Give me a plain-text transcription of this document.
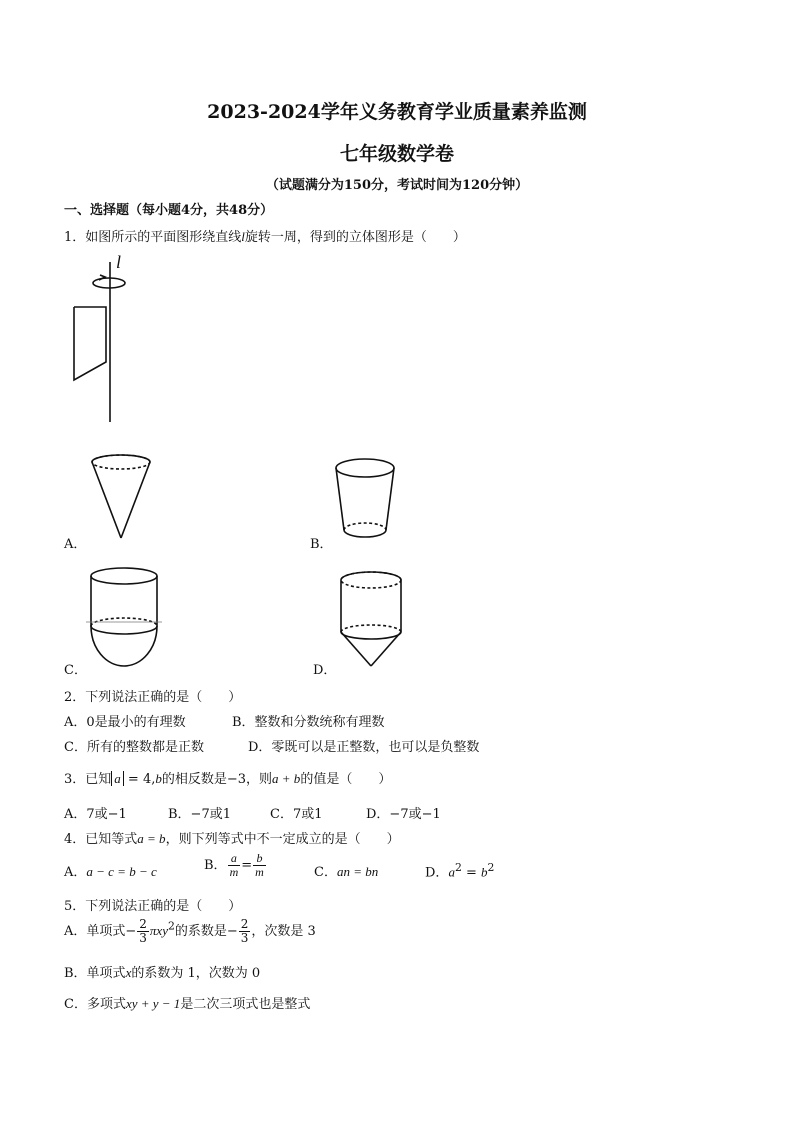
2023-2024学年义务教育学业质量素养监测
七年级数学卷
（试题满分为150分，考试时间为120分钟）
一、选择题（每小题4分，共48分）
1．如图所示的平面图形绕直线l旋转一周，得到的立体图形是（　　）
l
A．	B．
C．	D．
2．下列说法正确的是（　　）
A．0是最小的有理数	B．整数和分数统称有理数
C．所有的整数都是正数	D．零既可以是正整数，也可以是负整数
3．已知 a = 4,b的相反数是−3，则a + b的值是（　　）
A．7或−1	B．−7或1	C．7或1	D．−7或−1
4．已知等式a = b，则下列等式中不一定成立的是（　　）
A．a − c = b − c	B． $\frac{a}{m} = \frac{b}{m}$	C．an = bn	D．$a^2 = b^2$
5．下列说法正确的是（　　）
A．单项式− $\frac{2}{3} \pi xy^2$的系数是− $\frac{2}{3}$ ，次数是 3
B．单项式x的系数为 1，次数为 0
C．多项式xy + y − 1是二次三项式也是整式
